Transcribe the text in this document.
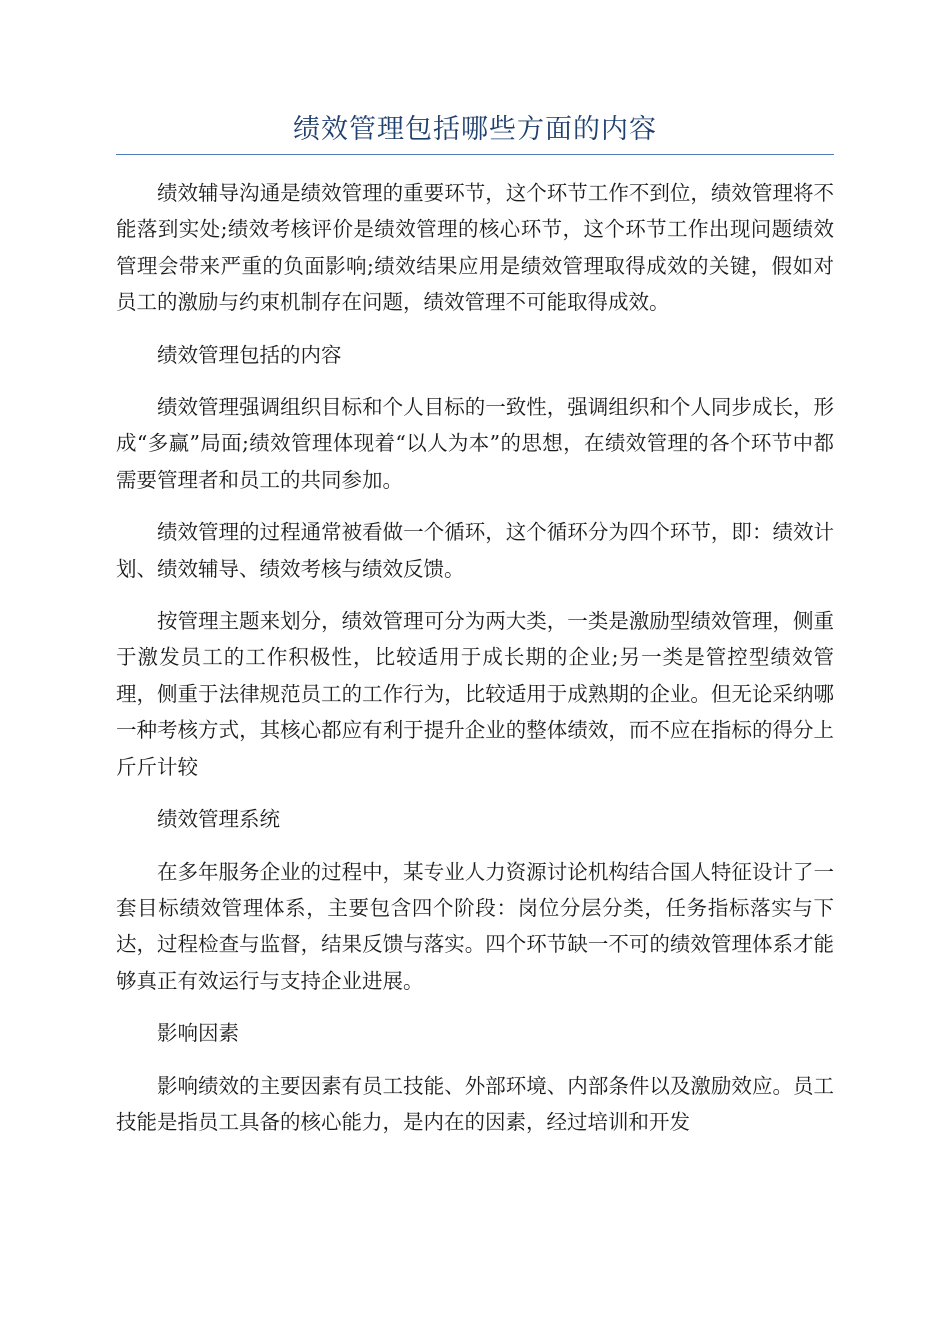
绩效管理包括哪些方面的内容

绩效辅导沟通是绩效管理的重要环节，这个环节工作不到位，绩效管理将不能落到实处;绩效考核评价是绩效管理的核心环节，这个环节工作出现问题绩效管理会带来严重的负面影响;绩效结果应用是绩效管理取得成效的关键，假如对员工的激励与约束机制存在问题，绩效管理不可能取得成效。

绩效管理包括的内容

绩效管理强调组织目标和个人目标的一致性，强调组织和个人同步成长，形成“多赢”局面;绩效管理体现着“以人为本”的思想，在绩效管理的各个环节中都需要管理者和员工的共同参加。

绩效管理的过程通常被看做一个循环，这个循环分为四个环节，即：绩效计划、绩效辅导、绩效考核与绩效反馈。

按管理主题来划分，绩效管理可分为两大类，一类是激励型绩效管理，侧重于激发员工的工作积极性，比较适用于成长期的企业;另一类是管控型绩效管理，侧重于法律规范员工的工作行为，比较适用于成熟期的企业。但无论采纳哪一种考核方式，其核心都应有利于提升企业的整体绩效，而不应在指标的得分上斤斤计较

绩效管理系统

在多年服务企业的过程中，某专业人力资源讨论机构结合国人特征设计了一套目标绩效管理体系，主要包含四个阶段：岗位分层分类，任务指标落实与下达，过程检查与监督，结果反馈与落实。四个环节缺一不可的绩效管理体系才能够真正有效运行与支持企业进展。

影响因素

影响绩效的主要因素有员工技能、外部环境、内部条件以及激励效应。员工技能是指员工具备的核心能力，是内在的因素，经过培训和开发
